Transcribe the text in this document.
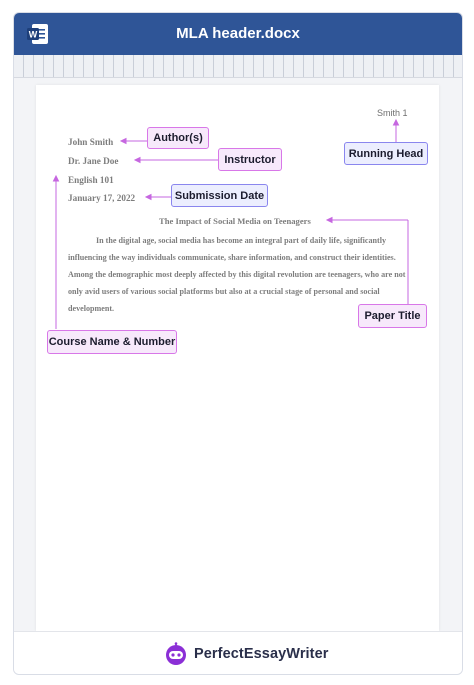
W	MLA header.docx
PerfectEssayWriter
Smith 1
John Smith
Dr. Jane Doe
English 101
January 17, 2022
The Impact of Social Media on Teenagers

In the digital age, social media has become an integral part of daily life, significantly influencing the way individuals communicate, share information, and construct their identities. Among the demographic most deeply affected by this digital revolution are teenagers, who are not only avid users of various social platforms but also at a crucial stage of personal and social development.

Author(s)
Instructor	Running Head
Submission Date
Paper Title
Course Name & Number
